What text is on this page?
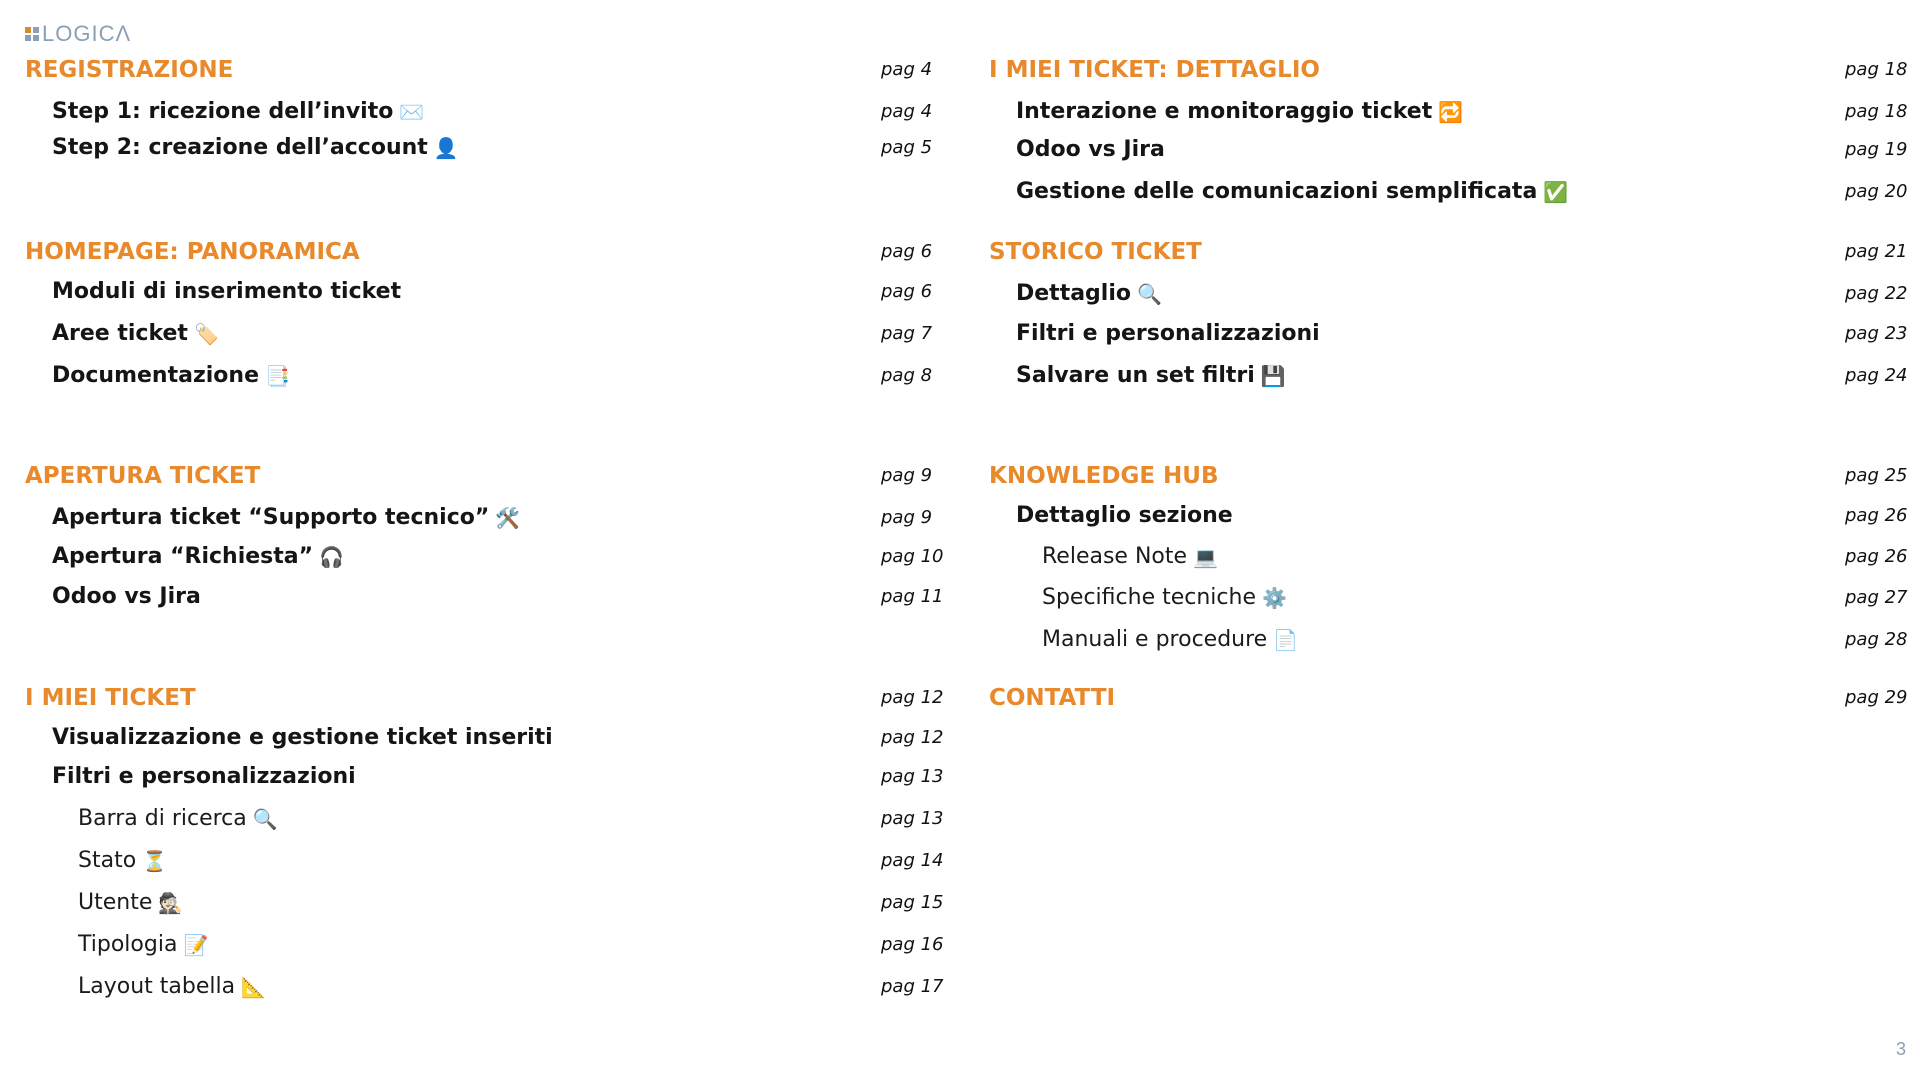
LOGICΛ
REGISTRAZIONE	pag 4
Step 1: ricezione dell’invito ✉️	pag 4
Step 2: creazione dell’account 👤	pag 5
HOMEPAGE: PANORAMICA	pag 6
Moduli di inserimento ticket	pag 6
Aree ticket 🏷️	pag 7
Documentazione 📑	pag 8
APERTURA TICKET	pag 9
Apertura ticket “Supporto tecnico” 🛠️	pag 9
Apertura “Richiesta” 🎧	pag 10
Odoo vs Jira	pag 11
I MIEI TICKET	pag 12
Visualizzazione e gestione ticket inseriti	pag 12
Filtri e personalizzazioni	pag 13
Barra di ricerca 🔍	pag 13
Stato ⏳	pag 14
Utente 🕵🏻	pag 15
Tipologia 📝	pag 16
Layout tabella 📐	pag 17
I MIEI TICKET: DETTAGLIO	pag 18
Interazione e monitoraggio ticket 🔁	pag 18
Odoo vs Jira	pag 19
Gestione delle comunicazioni semplificata ✅	pag 20
STORICO TICKET	pag 21
Dettaglio 🔍	pag 22
Filtri e personalizzazioni	pag 23
Salvare un set filtri 💾	pag 24
KNOWLEDGE HUB	pag 25
Dettaglio sezione	pag 26
Release Note 💻	pag 26
Specifiche tecniche ⚙️	pag 27
Manuali e procedure 📄	pag 28
CONTATTI	pag 29
3
